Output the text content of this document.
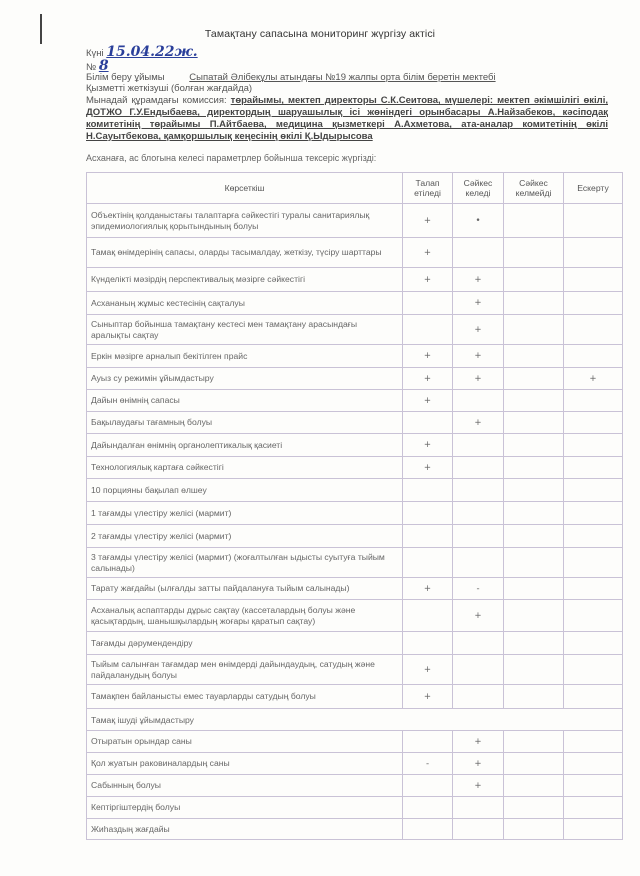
Тамақтану сапасына мониторинг жүргізу актісі
Күні 15.04.22ж.
№ 8
Білім беру ұйымы	Сыпатай Әлібекұлы атындағы №19 жалпы орта білім беретін мектебі
Қызметті жеткізуші (болған жағдайда)
Мынадай құрамдағы комиссия: төрайымы, мектеп директоры С.К.Сеитова, мүшелері: мектеп әкімшілігі өкілі, ДОТЖО Г.У.Ендыбаева, директордың шаруашылық ісі жөніндегі орынбасары А.Найзабеков, кәсіподақ комитетінің төрайымы П.Айтбаева, медицина қызметкері А.Ахметова, ата-аналар комитетінің өкілі Н.Сауытбекова, қамқоршылық кеңесінің өкілі Қ.Ыдырысова
Асханаға, ас блогына келесі параметрлер бойынша тексеріс жүргізді:
Көрсеткіш	Талап етіледі	Сәйкес келеді	Сәйкес келмейді	Ескерту
Объектінің қолданыстағы талаптарға сәйкестігі туралы санитариялық эпидемиологиялық қорытындының болуы	+	•		
Тамақ өнімдерінің сапасы, оларды тасымалдау, жеткізу, түсіру шарттары	+			
Күнделікті мәзірдің перспективалық мәзірге сәйкестігі	+	+		
Асхананың жұмыс кестесінің сақталуы		+		
Сыныптар бойынша тамақтану кестесі мен тамақтану арасындағы аралықты сақтау		+		
Еркін мәзірге арналып бекітілген прайс	+	+		
Ауыз су режимін ұйымдастыру	+	+		+
Дайын өнімнің сапасы	+			
Бақылаудағы тағамның болуы		+		
Дайындалған өнімнің органолептикалық қасиеті	+			
Технологиялық картаға сәйкестігі	+			
10 порцияны бақылап өлшеу				
1 тағамды үлестіру желісі (мармит)				
2 тағамды үлестіру желісі (мармит)				
3 тағамды үлестіру желісі (мармит) (жоғалтылған ыдысты суытуға тыйым салынады)				
Тарату жағдайы (ылғалды затты пайдалануға тыйым салынады)	+	-		
Асханалық аспаптарды дұрыс сақтау (кассеталардың болуы және қасықтардың, шанышқылардың жоғары қаратып сақтау)		+		
Тағамды дәрумендендіру				
Тыйым салынған тағамдар мен өнімдерді дайындаудың, сатудың және пайдаланудың болуы	+			
Тамақпен байланысты емес тауарларды сатудың болуы	+			
Тамақ ішуді ұйымдастыру				
Отыратын орындар саны		+		
Қол жуатын раковиналардың саны	-	+		
Сабынның болуы		+		
Кептіргіштердің болуы				
Жиһаздың жағдайы				
